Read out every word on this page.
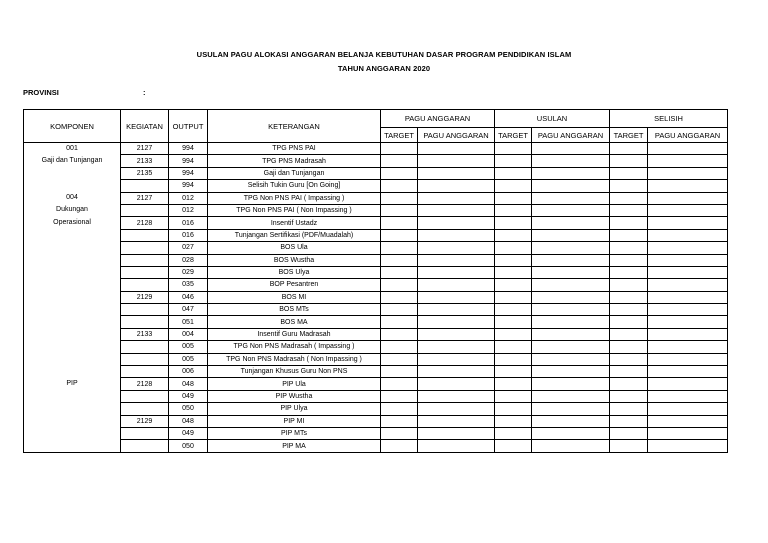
USULAN PAGU ALOKASI ANGGARAN BELANJA KEBUTUHAN DASAR PROGRAM PENDIDIKAN ISLAM
TAHUN ANGGARAN 2020
PROVINSI	:
KOMPONEN	KEGIATAN	OUTPUT	KETERANGAN	PAGU ANGGARAN		USULAN		SELISIH	
				TARGET	PAGU ANGGARAN	TARGET	PAGU ANGGARAN	TARGET	PAGU ANGGARAN
001	2127	994	TPG PNS PAI						
Gaji dan Tunjangan	2133	994	TPG PNS Madrasah						
	2135	994	Gaji dan Tunjangan						
		994	Selisih Tukin Guru [On Going]						
004	2127	012	TPG Non PNS PAI ( Impassing )						
Dukungan		012	TPG Non PNS PAI ( Non Impassing )						
Operasional	2128	016	Insentif Ustadz						
		016	Tunjangan Sertifikasi (PDF/Muadalah)						
		027	BOS Ula						
		028	BOS Wustha						
		029	BOS Ulya						
		035	BOP Pesantren						
	2129	046	BOS MI						
		047	BOS MTs						
		051	BOS MA						
	2133	004	Insentif Guru Madrasah						
		005	TPG Non PNS Madrasah ( Impassing )						
		005	TPG Non PNS Madrasah ( Non Impassing )						
		006	Tunjangan Khusus Guru Non PNS						
PIP	2128	048	PIP Ula						
		049	PIP Wustha						
		050	PIP Ulya						
	2129	048	PIP MI						
		049	PIP MTs						
		050	PIP MA						
